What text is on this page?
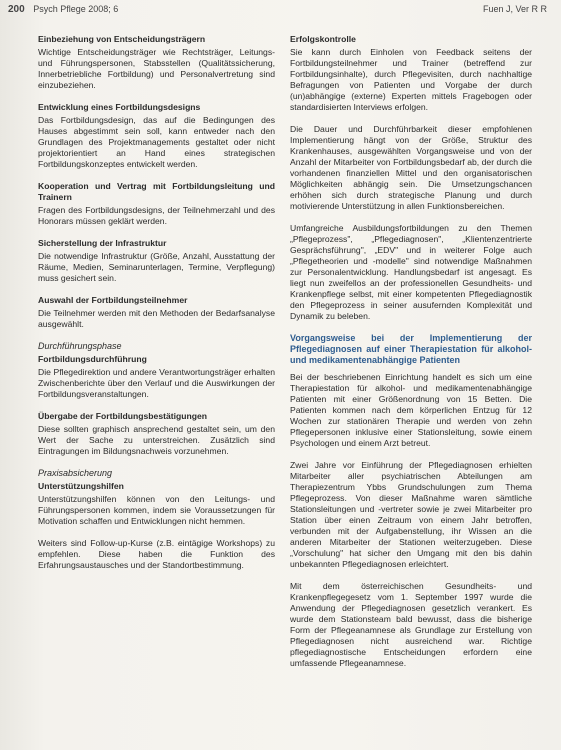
200 Psych Pflege 2008; 6	Fuen J, Ver R R
Einbeziehung von Entscheidungsträgern
Wichtige Entscheidungsträger wie Rechtsträger, Leitungs- und Führungspersonen, Stabsstellen (Qualitätssicherung, Innerbetriebliche Fortbildung) und Personalvertretung sind einzubeziehen.
Entwicklung eines Fortbildungsdesigns
Das Fortbildungsdesign, das auf die Bedingungen des Hauses abgestimmt sein soll, kann entweder nach den Grundlagen des Projektmanagements gestaltet oder nicht projektorientiert an Hand eines strategischen Fortbildungskonzeptes entwickelt werden.
Kooperation und Vertrag mit Fortbildungsleitung und Trainern
Fragen des Fortbildungsdesigns, der Teilnehmerzahl und des Honorars müssen geklärt werden.
Sicherstellung der Infrastruktur
Die notwendige Infrastruktur (Größe, Anzahl, Ausstattung der Räume, Medien, Seminarunterlagen, Termine, Verpflegung) muss gesichert sein.
Auswahl der Fortbildungsteilnehmer
Die Teilnehmer werden mit den Methoden der Bedarfsanalyse ausgewählt.
Durchführungsphase
Fortbildungsdurchführung
Die Pflegedirektion und andere Verantwortungsträger erhalten Zwischenberichte über den Verlauf und die Auswirkungen der Fortbildungsveranstaltungen.
Übergabe der Fortbildungsbestätigungen
Diese sollten graphisch ansprechend gestaltet sein, um den Wert der Sache zu unterstreichen. Zusätzlich sind Eintragungen im Bildungsnachweis vorzunehmen.
Praxisabsicherung
Unterstützungshilfen
Unterstützungshilfen können von den Leitungs- und Führungspersonen kommen, indem sie Voraussetzungen für Motivation schaffen und Entwicklungen nicht hemmen.
Weiters sind Follow-up-Kurse (z.B. eintägige Workshops) zu empfehlen. Diese haben die Funktion des Erfahrungsaustausches und der Standortbestimmung.
Erfolgskontrolle
Sie kann durch Einholen von Feedback seitens der Fortbildungsteilnehmer und Trainer (betreffend zur Fortbildungsinhalte), durch Pflegevisiten, durch nachhaltige Befragungen von Patienten und Vorgabe der durch (un)abhängige (externe) Experten mittels Fragebogen oder standardisierten Interviews erfolgen.
Die Dauer und Durchführbarkeit dieser empfohlenen Implementierung hängt von der Größe, Struktur des Krankenhauses, ausgewählten Vorgangsweise und von der Anzahl der Mitarbeiter von Fortbildungsbedarf ab, der durch die vorhandenen finanziellen Mittel und den organisatorischen Möglichkeiten abhängig sein. Die Umsetzungschancen erhöhen sich durch strategische Planung und durch motivierende Unterstützung in allen Funktionsbereichen.
Umfangreiche Ausbildungsfortbildungen zu den Themen „Pflegeprozess", „Pflegediagnosen", „Klientenzentrierte Gesprächsführung", „EDV" und in weiterer Folge auch „Pflegetheorien und -modelle" sind notwendige Maßnahmen zur Personalentwicklung. Handlungsbedarf ist angesagt. Es liegt nun zweifellos an der professionellen Gesundheits- und Krankenpflege selbst, mit einer kompetenten Pflegediagnostik den Pflegeprozess in seiner ausufernden Komplexität und Dynamik zu beleben.
Vorgangsweise bei der Implementierung der Pflegediagnosen auf einer Therapiestation für alkohol- und medikamentenabhängige Patienten
Bei der beschriebenen Einrichtung handelt es sich um eine Therapiestation für alkohol- und medikamentenabhängige Patienten mit einer Größenordnung von 15 Betten. Die Patienten kommen nach dem körperlichen Entzug für 12 Wochen zur stationären Therapie und werden von zehn Pflegepersonen inklusive einer Stationsleitung, sowie einem Psychologen und einem Arzt betreut.
Zwei Jahre vor Einführung der Pflegediagnosen erhielten Mitarbeiter aller psychiatrischen Abteilungen am Therapiezentrum Ybbs Grundschulungen zum Thema Pflegeprozess. Von dieser Maßnahme waren sämtliche Stationsleitungen und -vertreter sowie je zwei Mitarbeiter pro Station über einen Zeitraum von einem Jahr betroffen, verbunden mit der Aufgabenstellung, ihr Wissen an die anderen Mitarbeiter der Stationen weiterzugeben. Diese „Vorschulung" hat sicher den Umgang mit den bis dahin unbekannten Pflegediagnosen erleichtert.
Mit dem österreichischen Gesundheits- und Krankenpflegegesetz vom 1. September 1997 wurde die Anwendung der Pflegediagnosen gesetzlich verankert. Es wurde dem Stationsteam bald bewusst, dass die bisherige Form der Pflegeanamnese als Grundlage zur Erstellung von Pflegediagnosen nicht ausreichend war. Richtige pflegediagnostische Entscheidungen erfordern eine umfassende Pflegeanamnese.
